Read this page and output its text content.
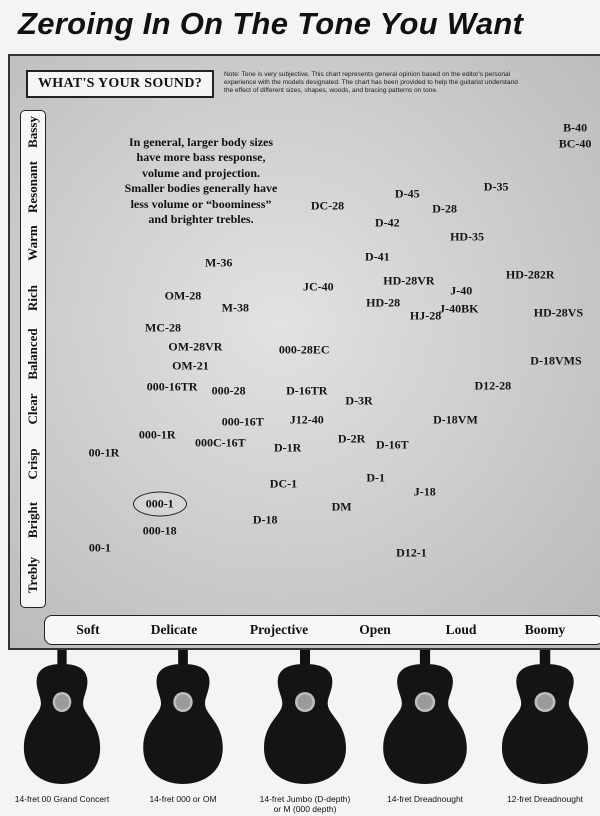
Zeroing In On The Tone You Want
WHAT'S YOUR SOUND?
Note: Tone is very subjective. This chart represents general opinion based on the editor's personal
experience with the models designated. The chart has been provided to help the guitarist understand
the effect of different sizes, shapes, woods, and bracing patterns on tone.
In general, larger body sizes
have more bass response,
volume and projection.
Smaller bodies generally have
less volume or “boominess”
and brighter trebles.
Trebly
Bright
Crisp
Clear
Balanced
Rich
Warm
Resonant
Bassy
Soft	Delicate	Projective	Open	Loud	Boomy
B-40
BC-40
D-45	D-35
DC-28	D-28
D-42
HD-35
D-41
M-36
HD-282R
HD-28VR
JC-40	J-40
OM-28
HD-28
M-38	J-40BK	HD-28VS
HJ-28
MC-28
OM-28VR	000-28EC
D-18VMS
OM-21
000-16TR 000-28	D-16TR	D12-28
D-3R
000-16T J12-40	D-18VM
000-1R
000C-16T	D-2R D-16T
D-1R
00-1R
D-1
DC-1
J-18
000-1	DM
D-18
000-18
00-1	D12-1
14-fret 00 Grand Concert	14-fret 000 or OM	14-fret Jumbo (D-depth)
or M (000 depth)
14-fret Dreadnought	12-fret Dreadnought
